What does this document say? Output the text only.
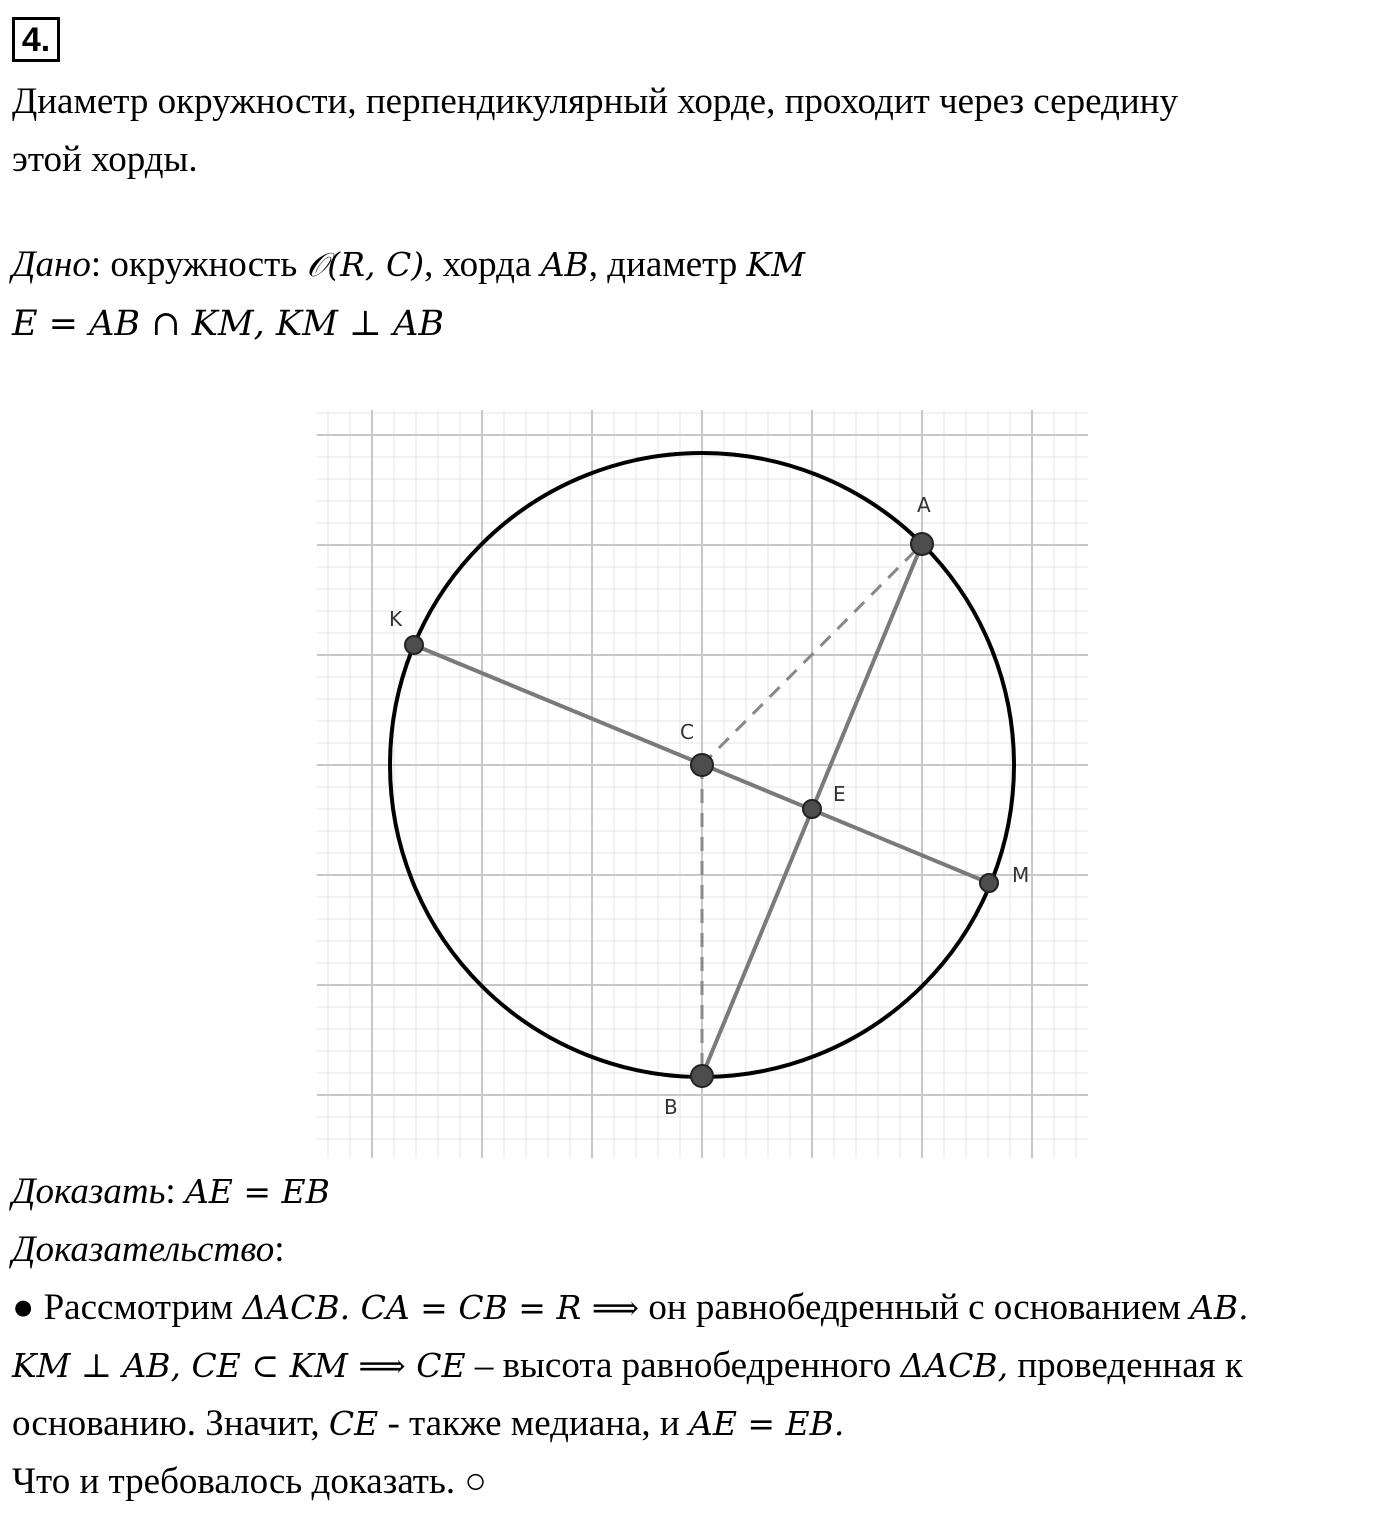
4.
Диаметр окружности, перпендикулярный хорде, проходит через середину
этой хорды.
Дано: окружность 𝒪(R, C), хорда AB, диаметр KM
E = AB ∩ KM, KM ⊥ AB
A
B
C
E
K
M
Доказать: AE = EB
Доказательство:
● Рассмотрим ΔACB. CA = CB = R ⟹ он равнобедренный с основанием AB.
KM ⊥ AB, CE ⊂ KM ⟹ CE – высота равнобедренного ΔACB, проведенная к
основанию. Значит, CE - также медиана, и AE = EB.
Что и требовалось доказать. ○
